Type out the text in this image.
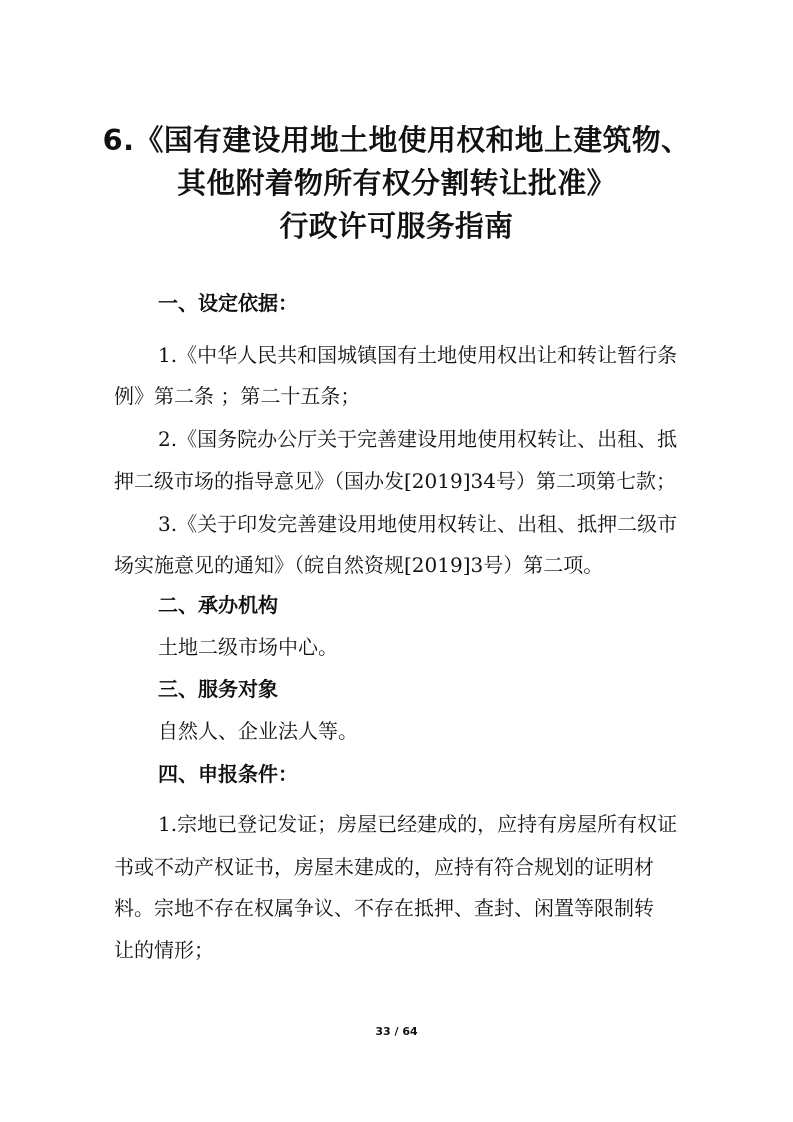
6.《国有建设用地土地使用权和地上建筑物、
其他附着物所有权分割转让批准》
行政许可服务指南
一、设定依据：
1.《中华人民共和国城镇国有土地使用权出让和转让暂行条
例》第二条 ；第二十五条；
2.《国务院办公厅关于完善建设用地使用权转让、出租、抵
押二级市场的指导意见》（国办发[2019]34号）第二项第七款；
3.《关于印发完善建设用地使用权转让、出租、抵押二级市
场实施意见的通知》（皖自然资规[2019]3号）第二项。
二、承办机构
土地二级市场中心。
三、服务对象
自然人、企业法人等。
四、申报条件：
1.宗地已登记发证；房屋已经建成的，应持有房屋所有权证
书或不动产权证书，房屋未建成的，应持有符合规划的证明材
料。宗地不存在权属争议、不存在抵押、查封、闲置等限制转
让的情形；
33 / 64
